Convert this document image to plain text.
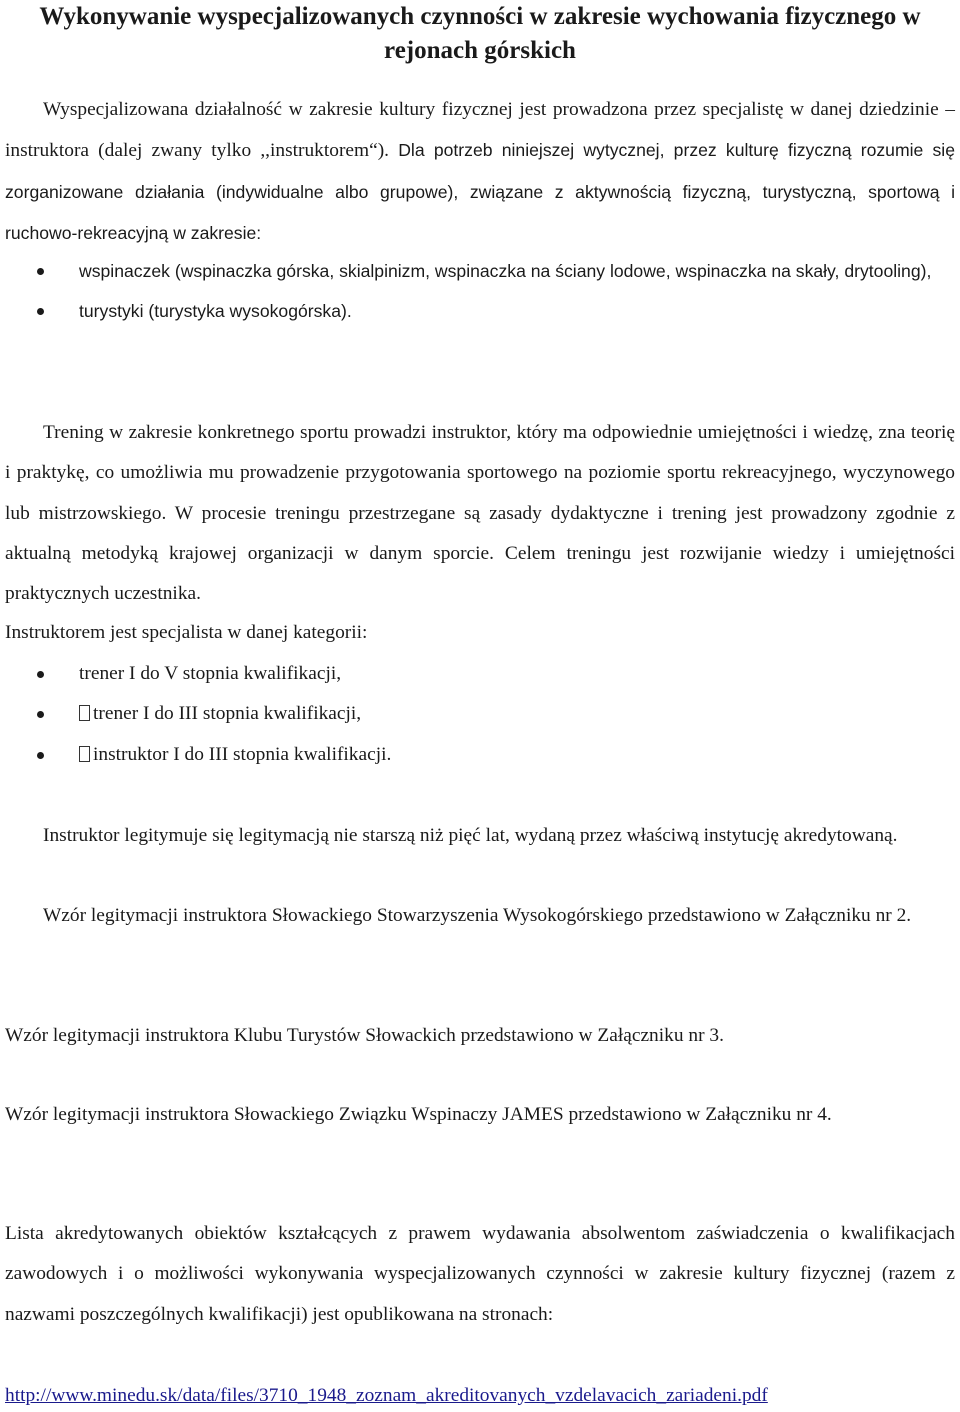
Wykonywanie wyspecjalizowanych czynności w zakresie wychowania fizycznego w rejonach górskich

Wyspecjalizowana działalność w zakresie kultury fizycznej jest prowadzona przez specjalistę w danej dziedzinie – instruktora (dalej zwany tylko ,,instruktorem“). Dla potrzeb niniejszej wytycznej, przez kulturę fizyczną rozumie się zorganizowane działania (indywidualne albo grupowe), związane z aktywnością fizyczną, turystyczną, sportową i ruchowo-rekreacyjną w zakresie:

wspinaczek (wspinaczka górska, skialpinizm, wspinaczka na ściany lodowe, wspinaczka na skały, drytooling),
turystyki (turystyka wysokogórska).

Trening w zakresie konkretnego sportu prowadzi instruktor, który ma odpowiednie umiejętności i wiedzę, zna teorię i praktykę, co umożliwia mu prowadzenie przygotowania sportowego na poziomie sportu rekreacyjnego, wyczynowego lub mistrzowskiego. W procesie treningu przestrzegane są zasady dydaktyczne i trening jest prowadzony zgodnie z aktualną metodyką krajowej organizacji w danym sporcie. Celem treningu jest rozwijanie wiedzy i umiejętności praktycznych uczestnika.

Instruktorem jest specjalista w danej kategorii:

trener I do V stopnia kwalifikacji,
trener I do III stopnia kwalifikacji,
instruktor I do III stopnia kwalifikacji.

Instruktor legitymuje się legitymacją nie starszą niż pięć lat, wydaną przez właściwą instytucję akredytowaną.

Wzór legitymacji instruktora Słowackiego Stowarzyszenia Wysokogórskiego przedstawiono w Załączniku nr 2.

Wzór legitymacji instruktora Klubu Turystów Słowackich przedstawiono w Załączniku nr 3.

Wzór legitymacji instruktora Słowackiego Związku Wspinaczy JAMES przedstawiono w Załączniku nr 4.

Lista akredytowanych obiektów kształcących z prawem wydawania absolwentom zaświadczenia o kwalifikacjach zawodowych i o możliwości wykonywania wyspecjalizowanych czynności w zakresie kultury fizycznej (razem z nazwami poszczególnych kwalifikacji) jest opublikowana na stronach:

http://www.minedu.sk/data/files/3710_1948_zoznam_akreditovanych_vzdelavacich_zariadeni.pdf
